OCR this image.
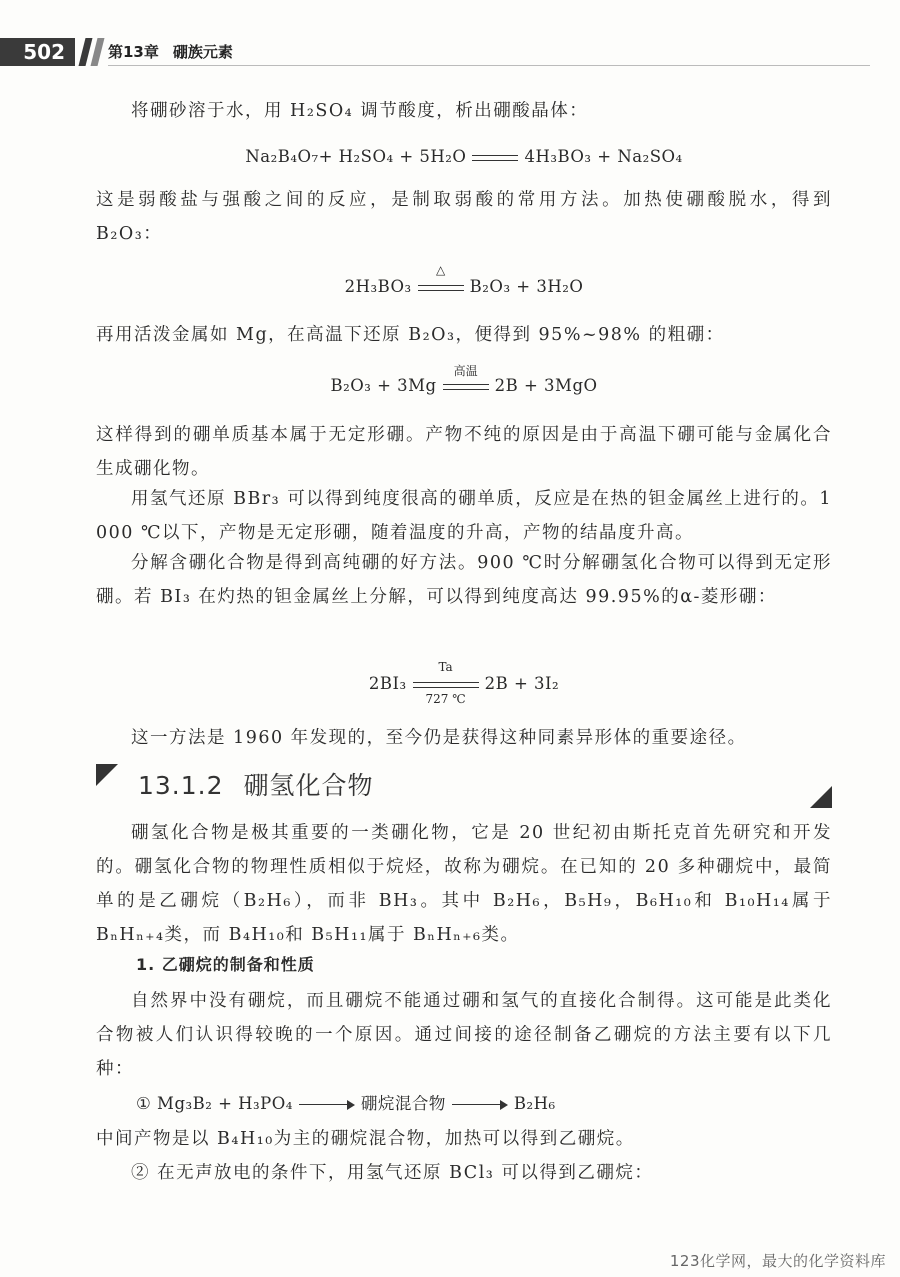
502	第13章 硼族元素

将硼砂溶于水，用 H₂SO₄ 调节酸度，析出硼酸晶体：

Na₂B₄O₇+ H₂SO₄ + 5H₂O	4H₃BO₃ + Na₂SO₄

这是弱酸盐与强酸之间的反应，是制取弱酸的常用方法。加热使硼酸脱水，得到 B₂O₃：

2H₃BO₃
△
B₂O₃ + 3H₂O

再用活泼金属如 Mg，在高温下还原 B₂O₃，便得到 95%~98% 的粗硼：

B₂O₃ + 3Mg
高温
2B + 3MgO

这样得到的硼单质基本属于无定形硼。产物不纯的原因是由于高温下硼可能与金属化合生成硼化物。

用氢气还原 BBr₃ 可以得到纯度很高的硼单质，反应是在热的钽金属丝上进行的。1 000 ℃以下，产物是无定形硼，随着温度的升高，产物的结晶度升高。

分解含硼化合物是得到高纯硼的好方法。900 ℃时分解硼氢化合物可以得到无定形硼。若 BI₃ 在灼热的钽金属丝上分解，可以得到纯度高达 99.95%的α-菱形硼：

2BI₃
Ta
727 ℃
2B + 3I₂

这一方法是 1960 年发现的，至今仍是获得这种同素异形体的重要途径。

13.1.2 硼氢化合物

硼氢化合物是极其重要的一类硼化物，它是 20 世纪初由斯托克首先研究和开发的。硼氢化合物的物理性质相似于烷烃，故称为硼烷。在已知的 20 多种硼烷中，最简单的是乙硼烷（B₂H₆），而非 BH₃。其中 B₂H₆，B₅H₉，B₆H₁₀和 B₁₀H₁₄属于 BₙHₙ₊₄类，而 B₄H₁₀和 B₅H₁₁属于 BₙHₙ₊₆类。

1. 乙硼烷的制备和性质

自然界中没有硼烷，而且硼烷不能通过硼和氢气的直接化合制得。这可能是此类化合物被人们认识得较晚的一个原因。通过间接的途径制备乙硼烷的方法主要有以下几种：

① Mg₃B₂ + H₃PO₄	硼烷混合物	B₂H₆

中间产物是以 B₄H₁₀为主的硼烷混合物，加热可以得到乙硼烷。

② 在无声放电的条件下，用氢气还原 BCl₃ 可以得到乙硼烷：

123化学网，最大的化学资料库
